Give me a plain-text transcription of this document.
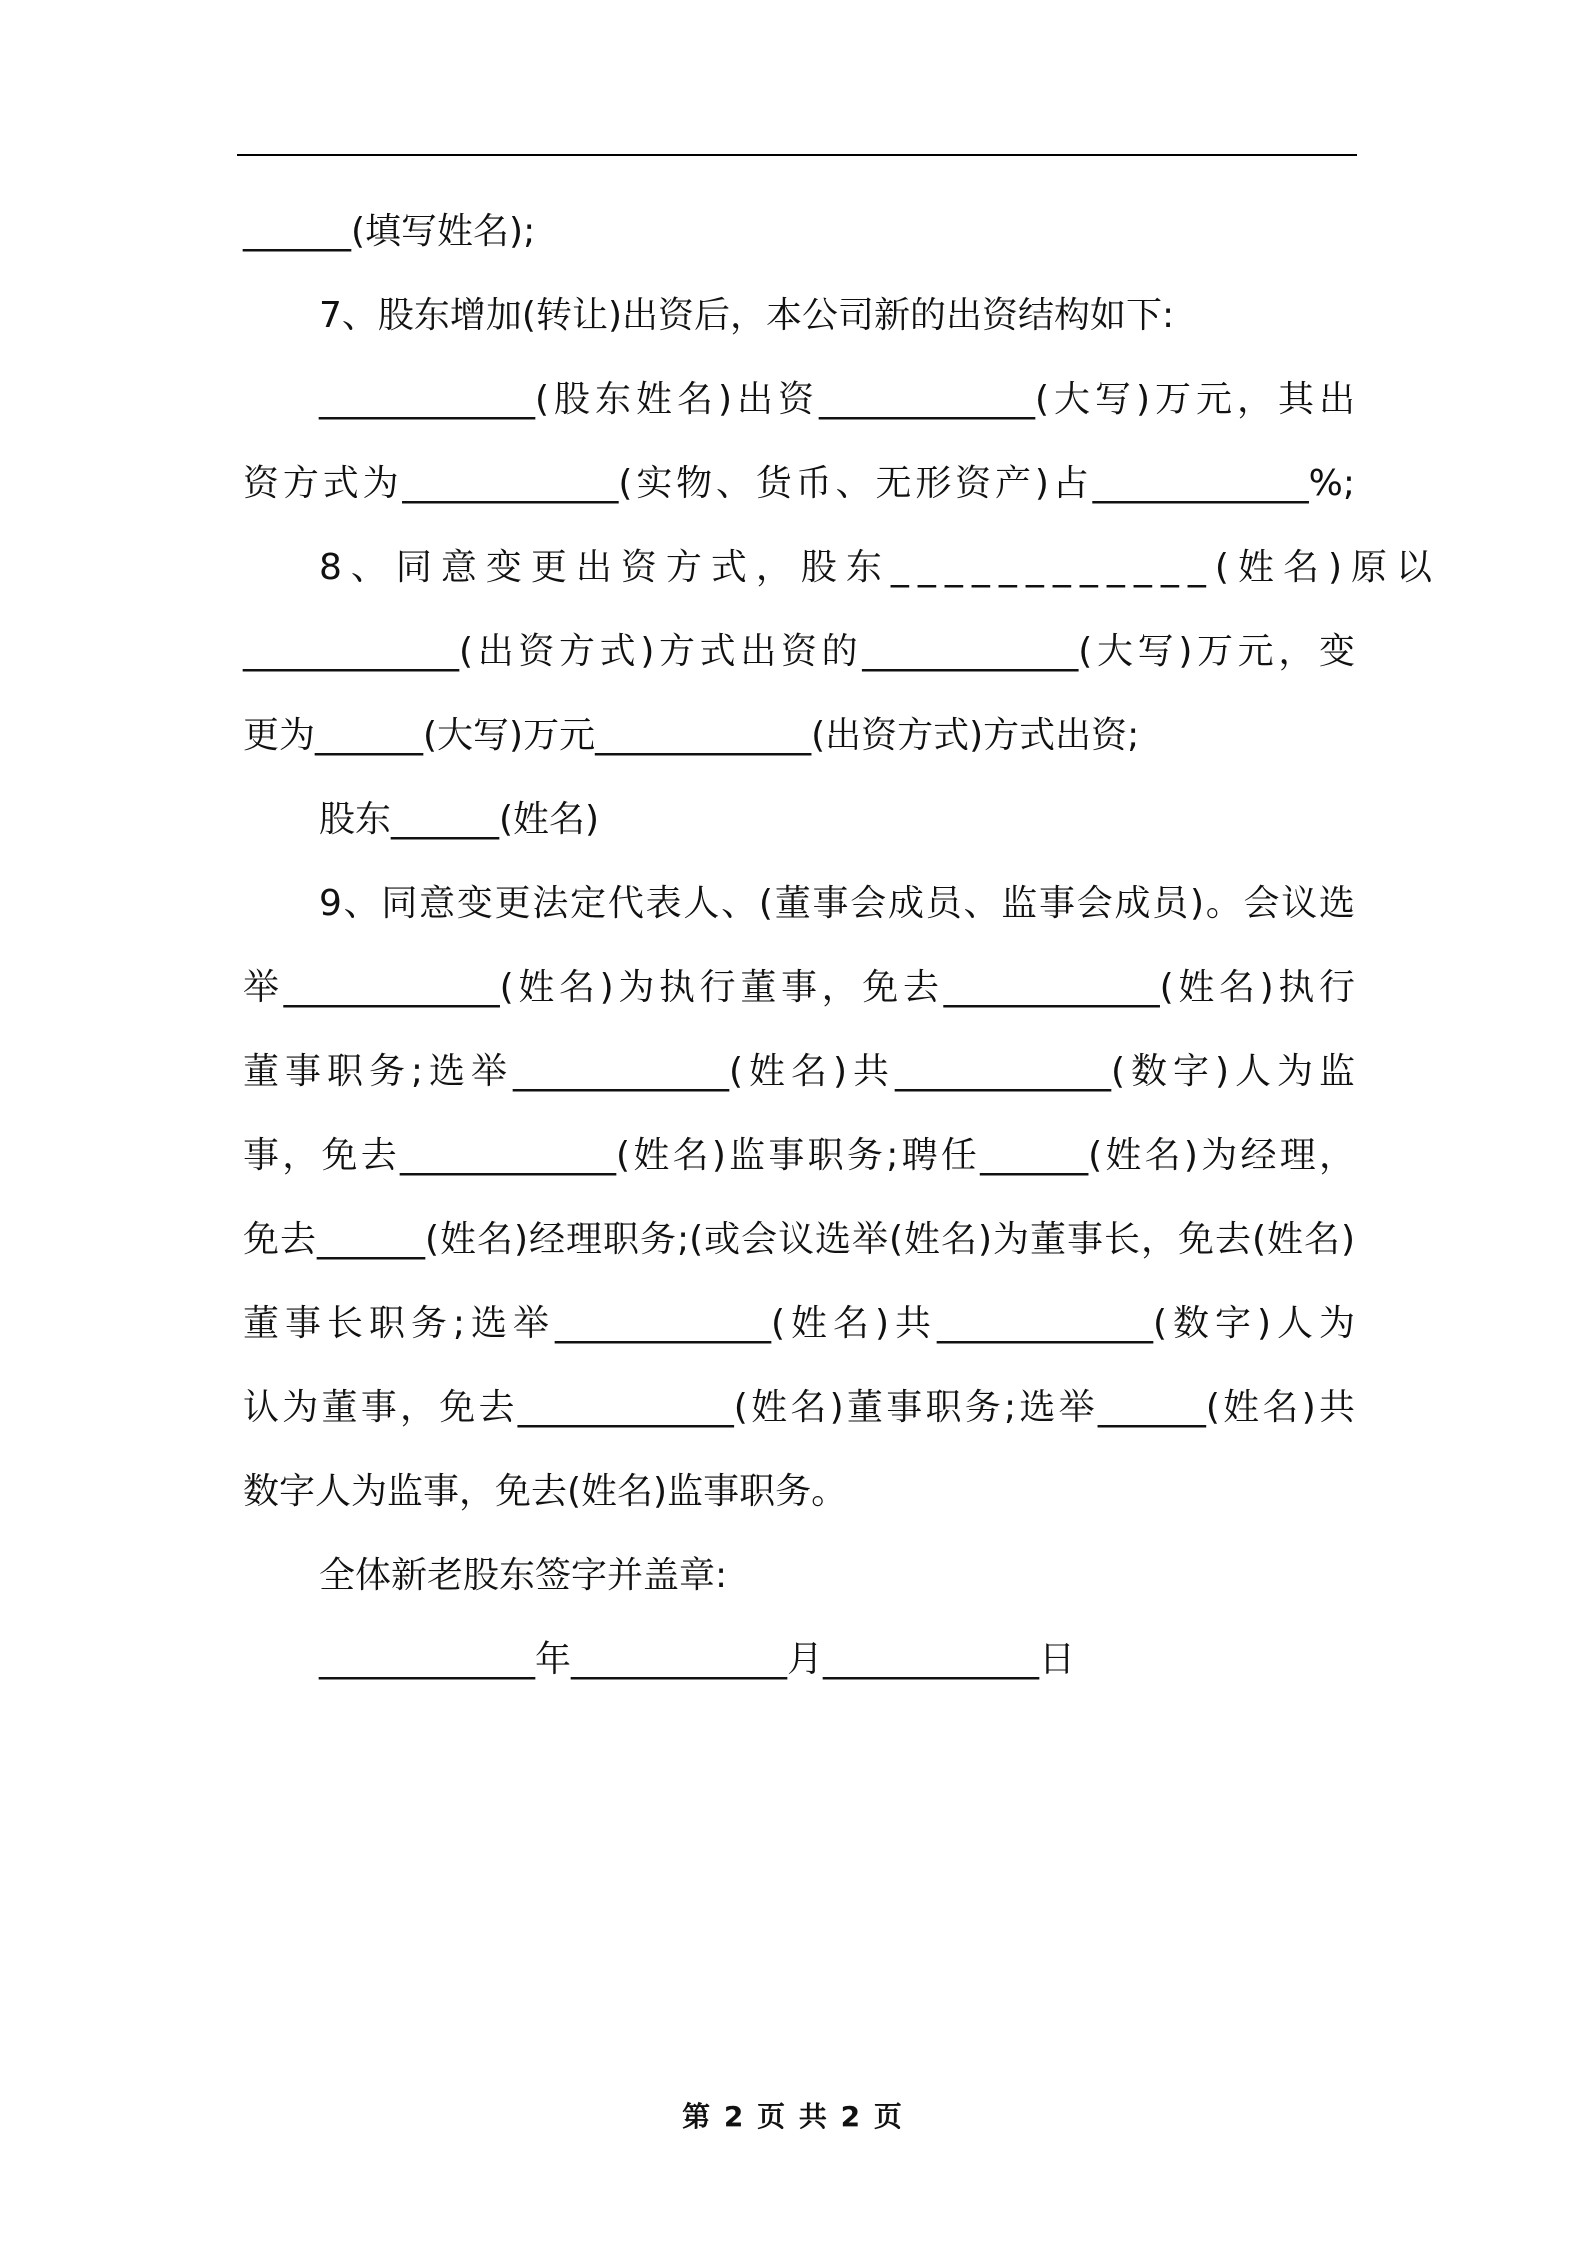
______(填写姓名);
7、股东增加(转让)出资后，本公司新的出资结构如下:
____________(股东姓名)出资____________(大写)万元，其出
资方式为____________(实物、货币、无形资产)占____________%;
8、同意变更出资方式，股东____________(姓名)原以
____________(出资方式)方式出资的____________(大写)万元，变
更为______(大写)万元____________(出资方式)方式出资;
股东______(姓名)
9、同意变更法定代表人、(董事会成员、监事会成员)。会议选
举____________(姓名)为执行董事，免去____________(姓名)执行
董事职务;选举____________(姓名)共____________(数字)人为监
事，免去____________(姓名)监事职务;聘任______(姓名)为经理，
免去______(姓名)经理职务;(或会议选举(姓名)为董事长，免去(姓名)
董事长职务;选举____________(姓名)共____________(数字)人为
认为董事，免去____________(姓名)董事职务;选举______(姓名)共
数字人为监事，免去(姓名)监事职务。
全体新老股东签字并盖章:
____________年____________月____________日
第 2 页 共 2 页
